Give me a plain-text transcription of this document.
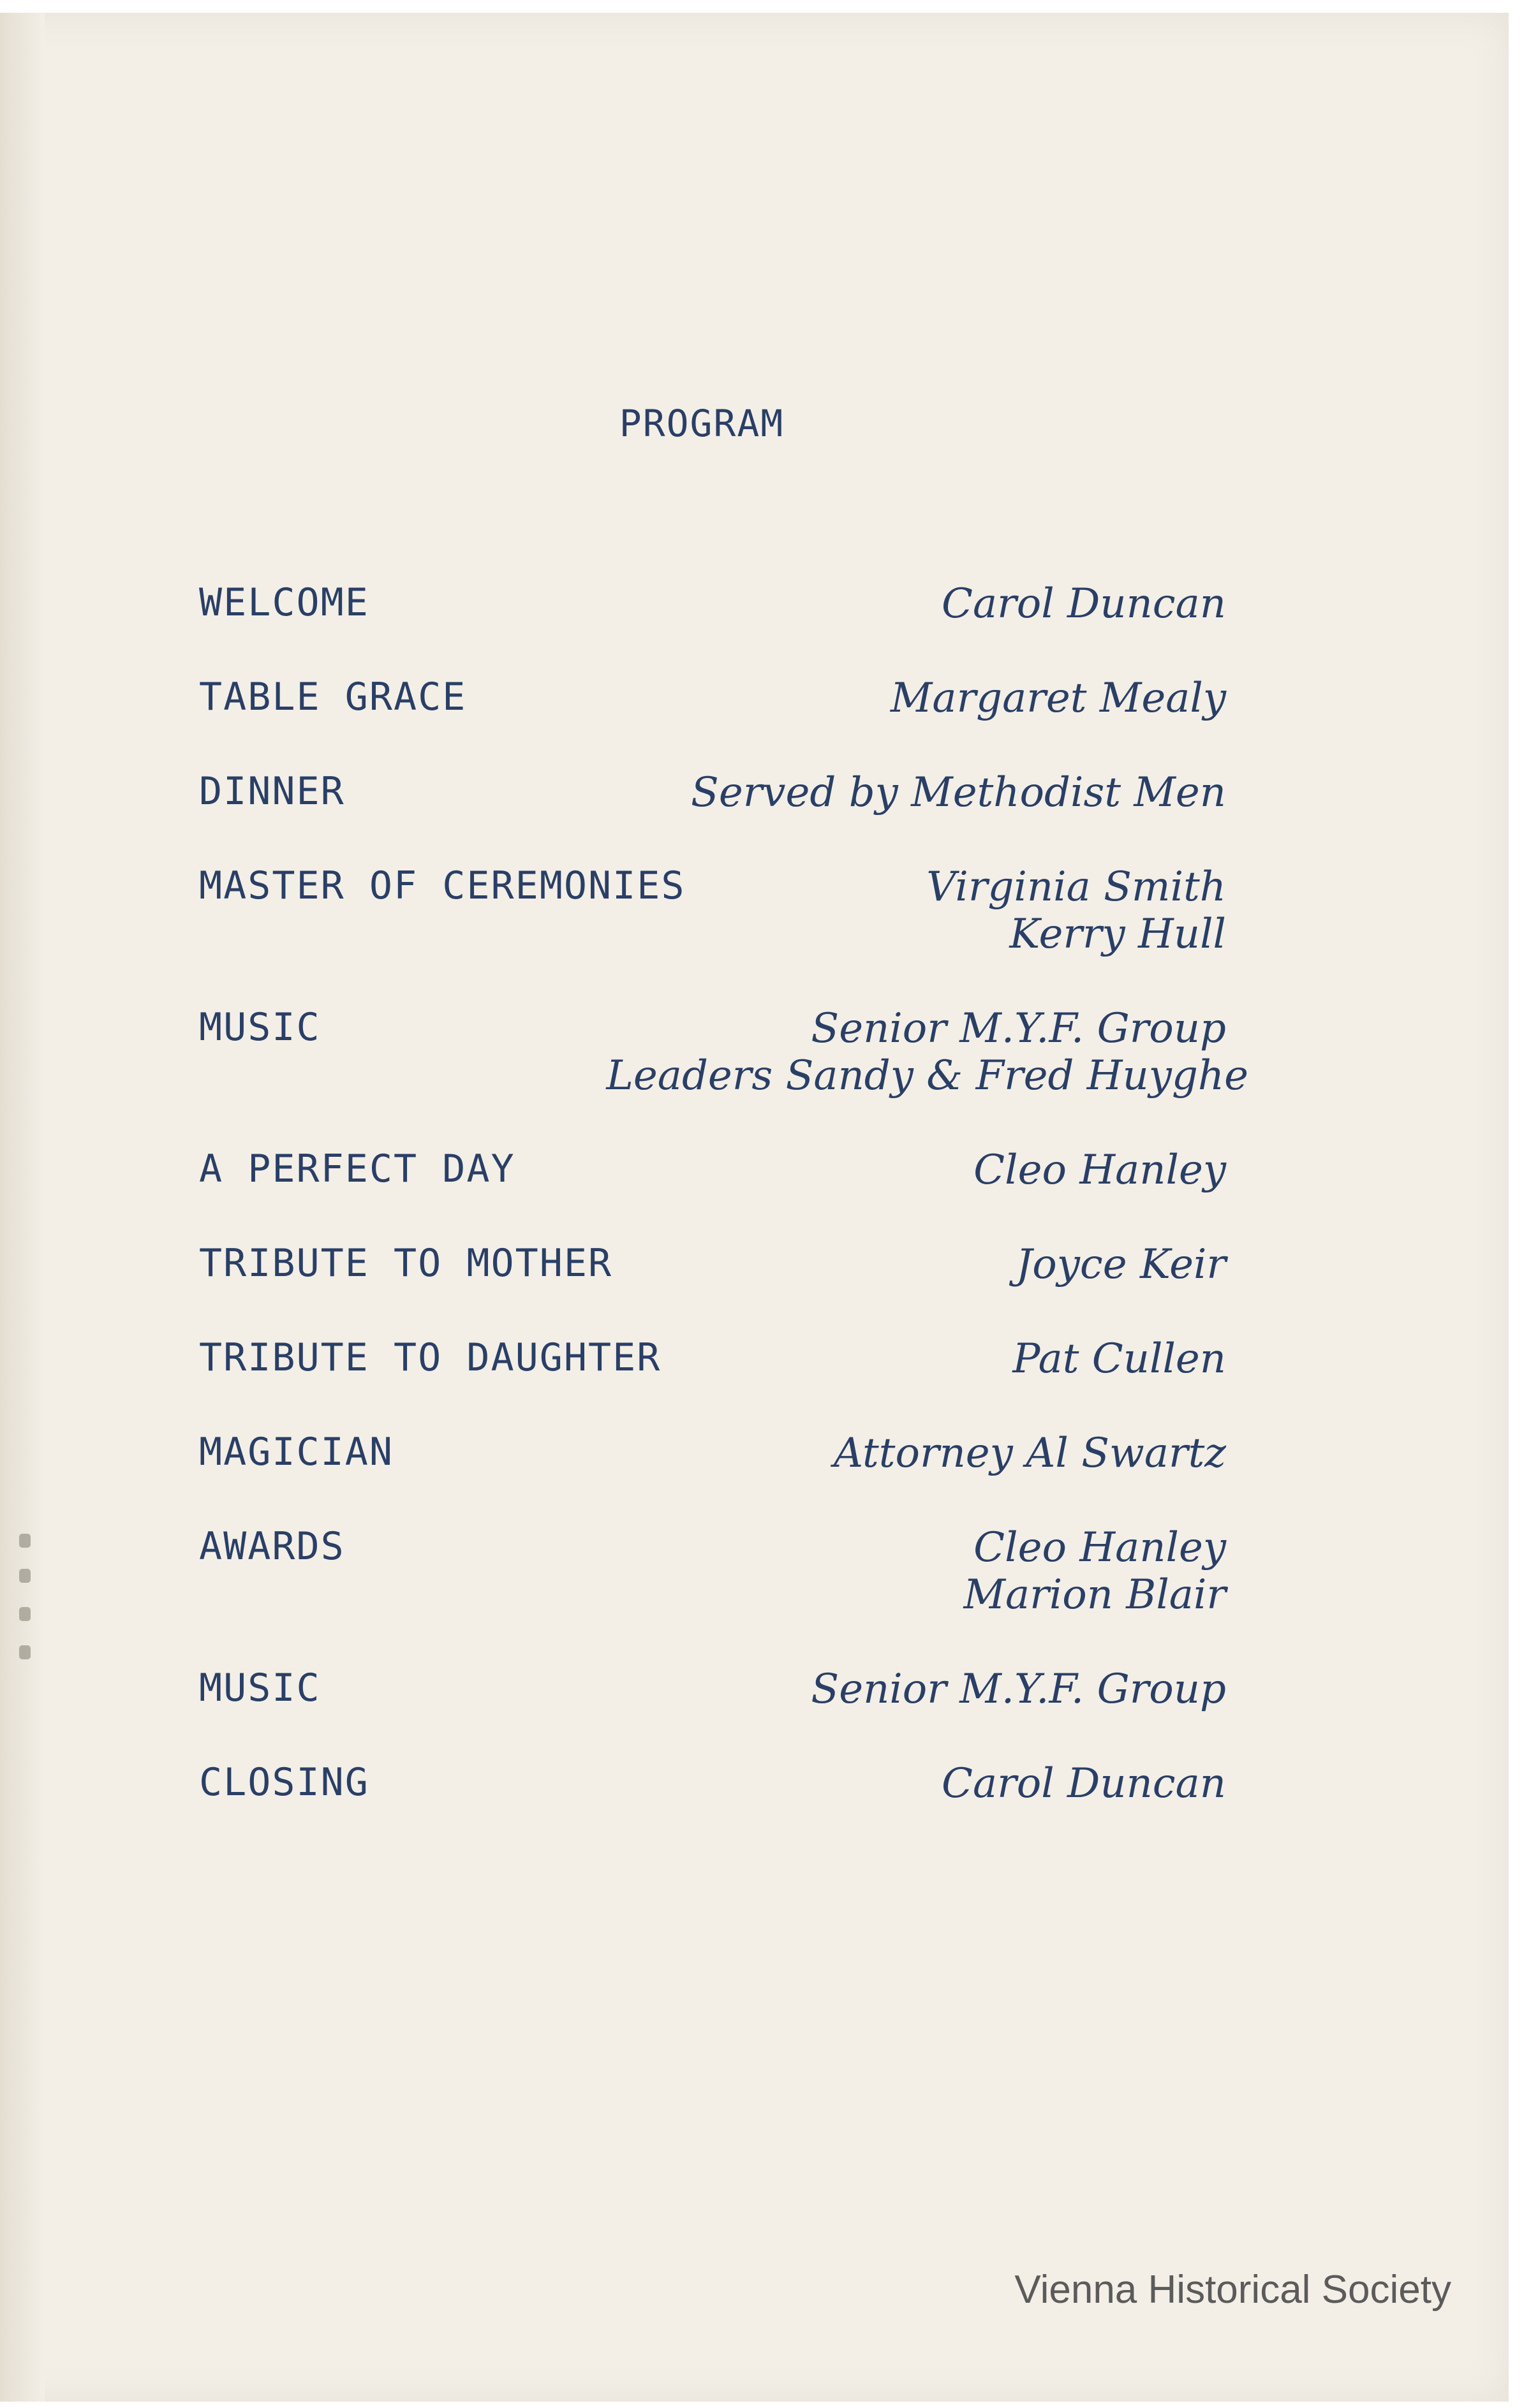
PROGRAM
WELCOME	Carol Duncan
TABLE GRACE	Margaret Mealy
DINNER	Served by Methodist Men
MASTER OF CEREMONIES	Virginia Smith
Kerry Hull
MUSIC	Senior M.Y.F. Group
Leaders Sandy & Fred Huyghe
A PERFECT DAY	Cleo Hanley
TRIBUTE TO MOTHER	Joyce Keir
TRIBUTE TO DAUGHTER	Pat Cullen
MAGICIAN	Attorney Al Swartz
AWARDS	Cleo Hanley
Marion Blair
MUSIC	Senior M.Y.F. Group
CLOSING	Carol Duncan
Vienna Historical Society
